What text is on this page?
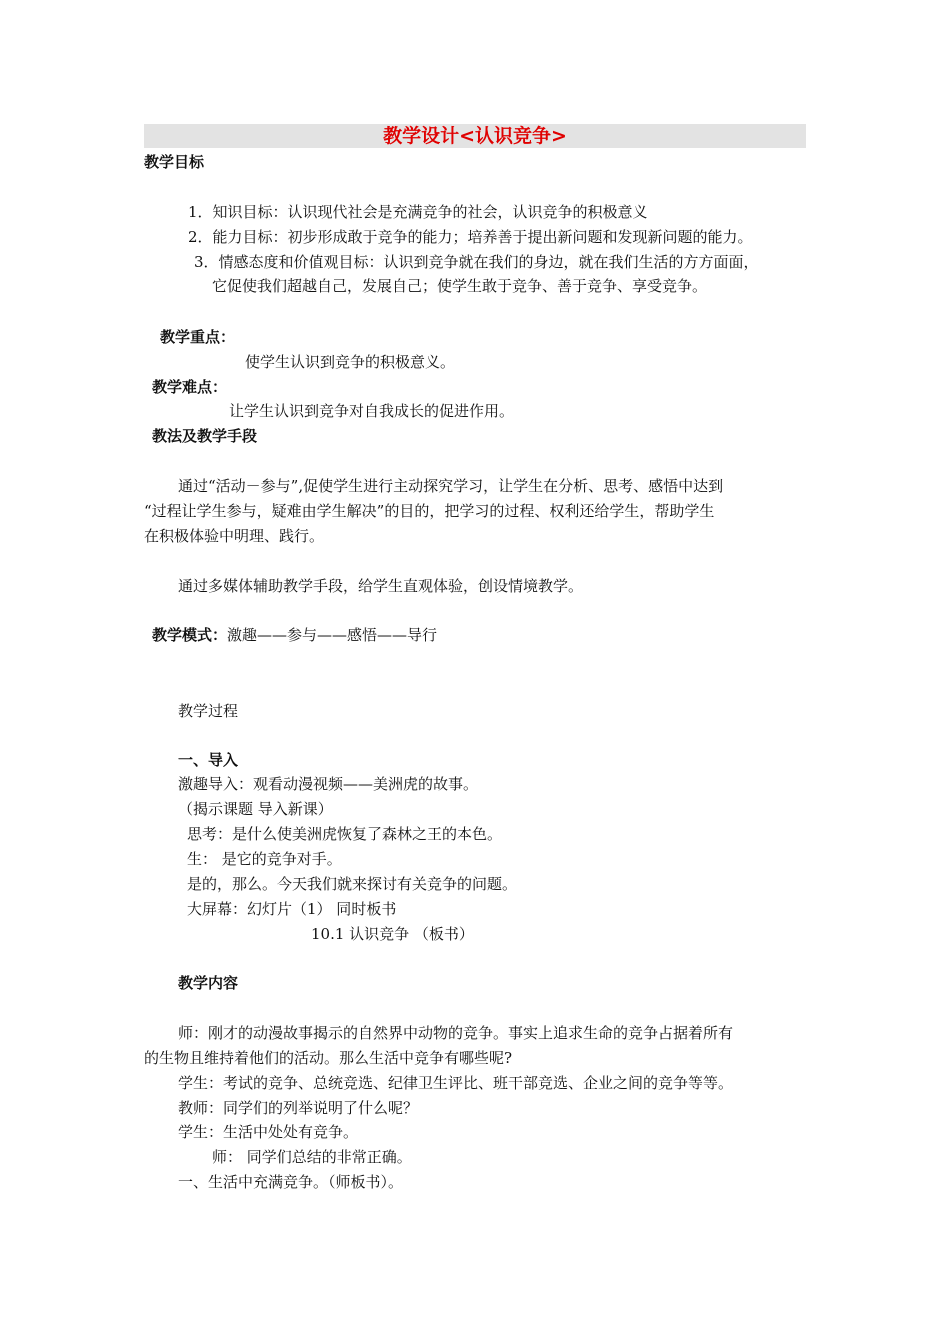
教学设计<认识竞争>
教学目标
1．知识目标：认识现代社会是充满竞争的社会，认识竞争的积极意义
2．能力目标：初步形成敢于竞争的能力；培养善于提出新问题和发现新问题的能力。
3．情感态度和价值观目标：认识到竞争就在我们的身边，就在我们生活的方方面面，
它促使我们超越自己，发展自己；使学生敢于竞争、善于竞争、享受竞争。
教学重点：
使学生认识到竞争的积极意义。
教学难点：
让学生认识到竞争对自我成长的促进作用。
教法及教学手段
通过“活动－参与”,促使学生进行主动探究学习，让学生在分析、思考、感悟中达到
“过程让学生参与，疑难由学生解决”的目的，把学习的过程、权利还给学生，帮助学生
在积极体验中明理、践行。
通过多媒体辅助教学手段，给学生直观体验，创设情境教学。
教学模式：激趣——参与——感悟——导行
教学过程
一、导入
激趣导入：观看动漫视频——美洲虎的故事。
（揭示课题 导入新课）
思考：是什么使美洲虎恢复了森林之王的本色。
生： 是它的竞争对手。
是的，那么。今天我们就来探讨有关竞争的问题。
大屏幕：幻灯片（1） 同时板书
10.1 认识竞争 （板书）
教学内容
师：刚才的动漫故事揭示的自然界中动物的竞争。事实上追求生命的竞争占据着所有
的生物且维持着他们的活动。那么生活中竞争有哪些呢?
学生：考试的竞争、总统竞选、纪律卫生评比、班干部竞选、企业之间的竞争等等。
教师：同学们的列举说明了什么呢？
学生：生活中处处有竞争。
师： 同学们总结的非常正确。
一、生活中充满竞争。（师板书）。
